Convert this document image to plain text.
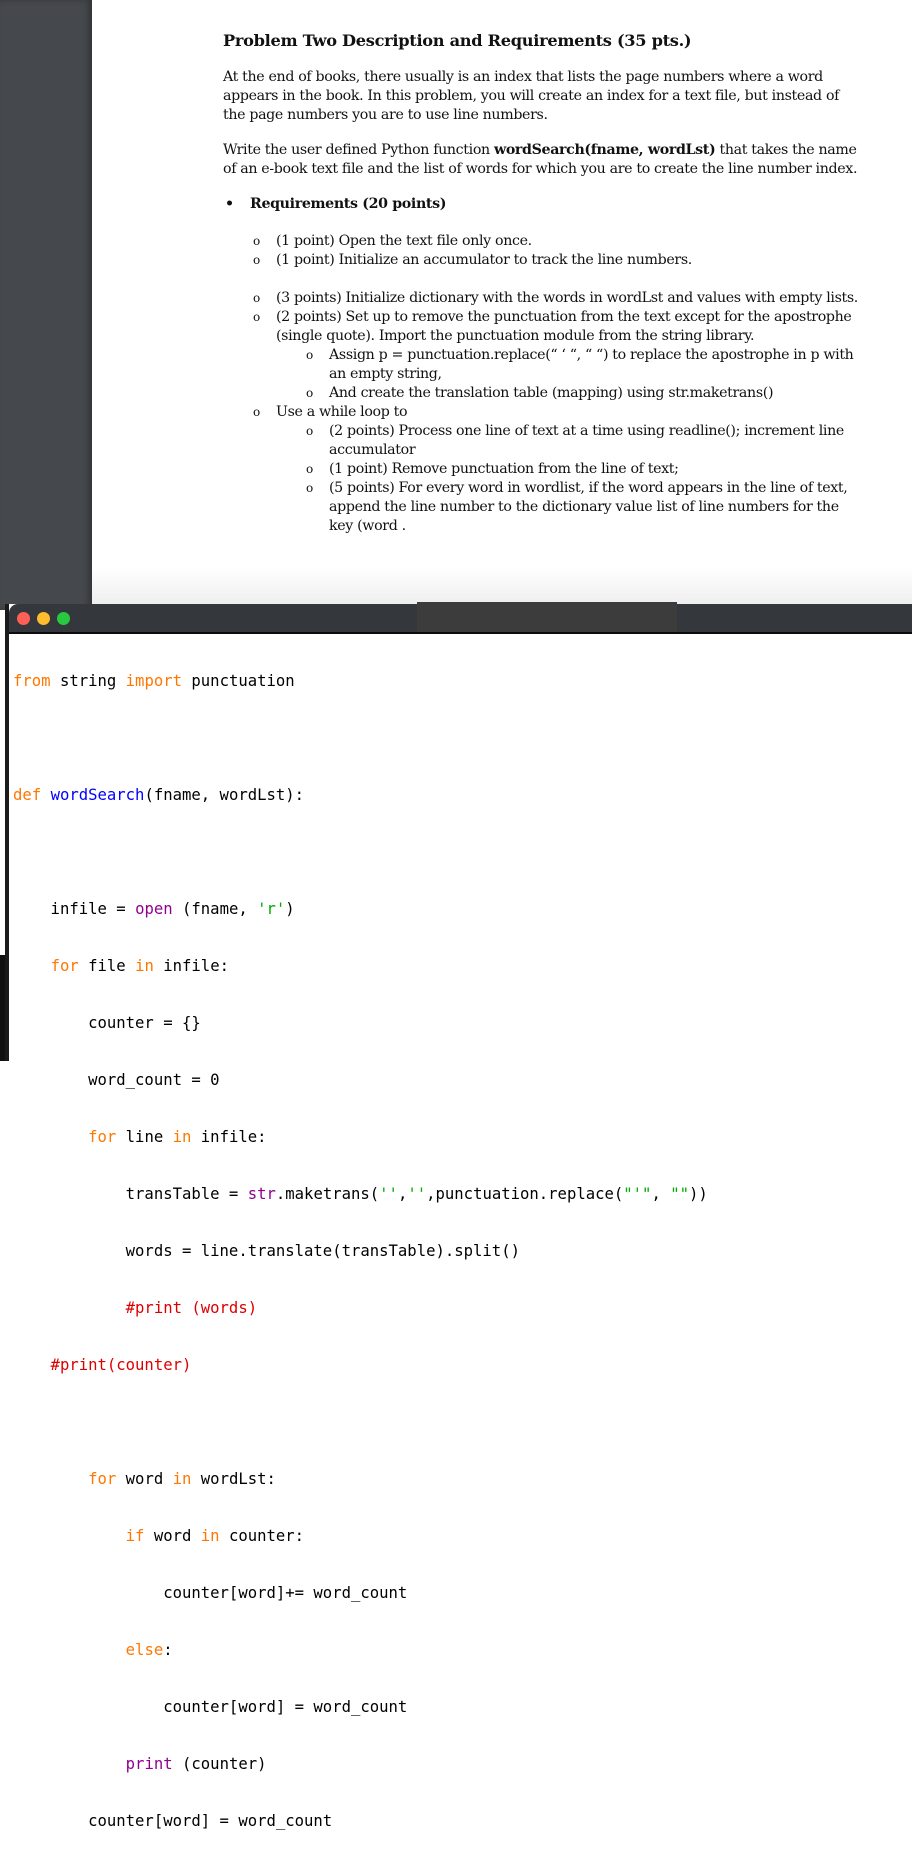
Problem Two Description and Requirements (35 pts.)

At the end of books, there usually is an index that lists the page numbers where a word appears in the book. In this problem, you will create an index for a text file, but instead of the page numbers you are to use line numbers.

Write the user defined Python function wordSearch(fname, wordLst) that takes the name of an e-book text file and the list of words for which you are to create the line number index.

• Requirements (20 points)
o (1 point) Open the text file only once.
o (1 point) Initialize an accumulator to track the line numbers.
o (3 points) Initialize dictionary with the words in wordLst and values with empty lists.
o (2 points) Set up to remove the punctuation from the text except for the apostrophe (single quote). Import the punctuation module from the string library.
o Assign p = punctuation.replace(“ ‘ “, “ “) to replace the apostrophe in p with an empty string,
o And create the translation table (mapping) using str.maketrans()
o Use a while loop to
o (2 points) Process one line of text at a time using readline(); increment line accumulator
o (1 point) Remove punctuation from the line of text;
o (5 points) For every word in wordlist, if the word appears in the line of text, append the line number to the dictionary value list of line numbers for the key (word .

from string import punctuation

def wordSearch(fname, wordLst):

infile = open (fname, 'r')

for file in infile:

counter = {}

word_count = 0

for line in infile:

transTable = str.maketrans('','',punctuation.replace("'", ""))

words = line.translate(transTable).split()

#print (words)

#print(counter)

for word in wordLst:

if word in counter:

counter[word]+= word_count

else:

counter[word] = word_count

print (counter)

counter[word] = word_count
